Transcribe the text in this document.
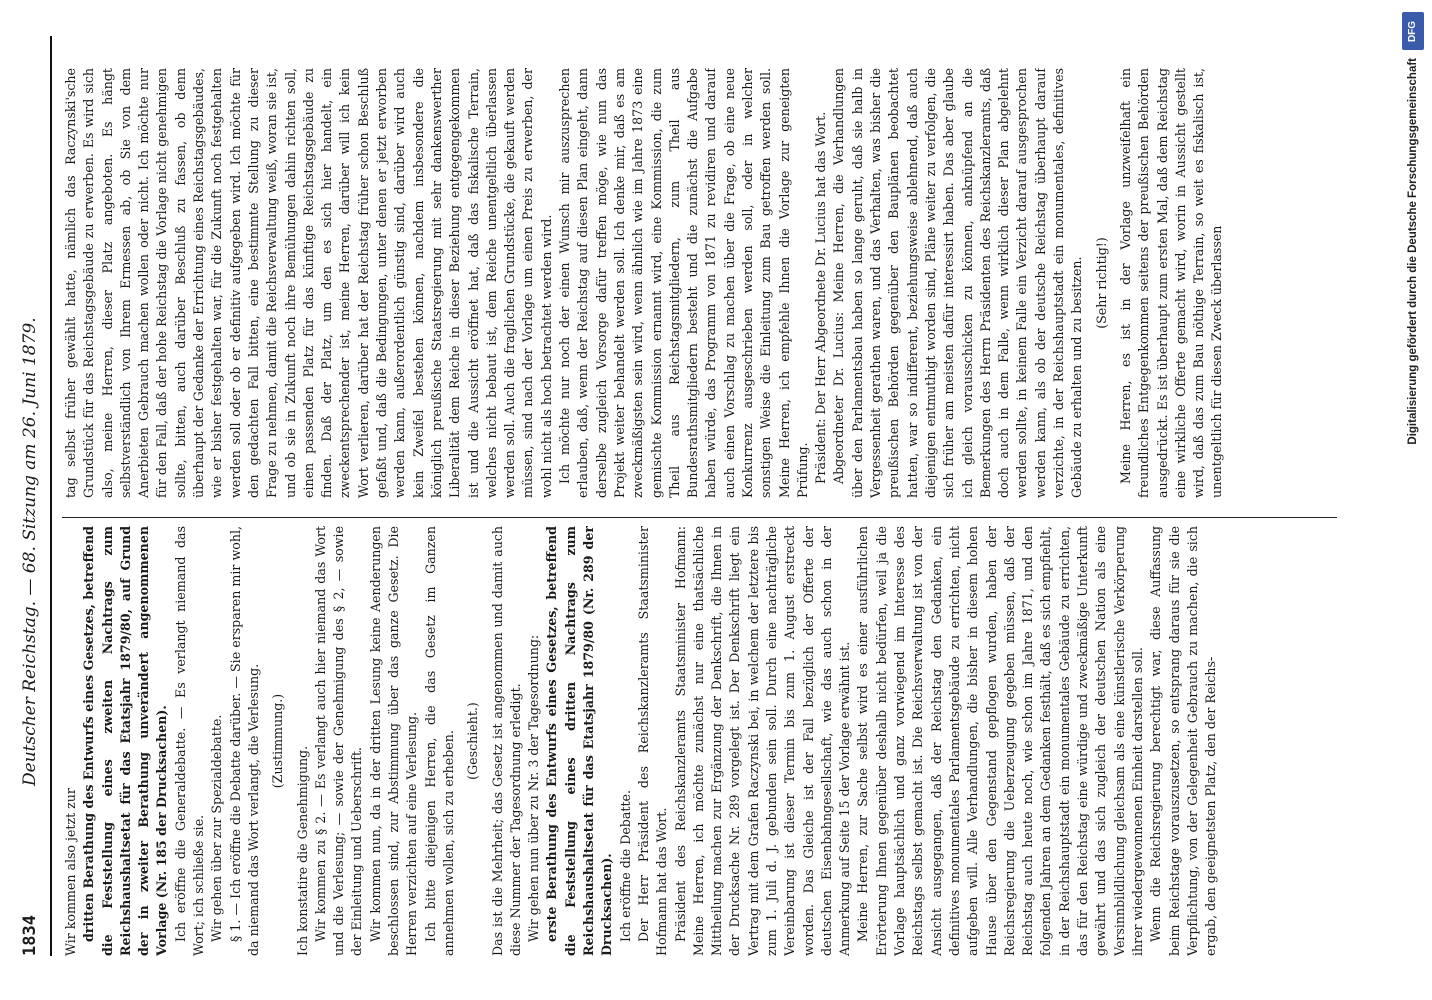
1834
Deutscher Reichstag. — 68. Sitzung am 26. Juni 1879.

Wir kommen also jetzt zur dritten Berathung des Entwurfs eines Gesetzes, betreffend die Feststellung eines zweiten Nachtrags zum Reichshaushaltsetat für das Etatsjahr 1879/80, auf Grund der in zweiter Berathung unverändert angenommenen Vorlage (Nr. 185 der Drucksachen). Ich eröffne die Generaldebatte. — Es verlangt niemand das Wort; ich schließe sie. Wir gehen über zur Spezialdebatte. § 1. — Ich eröffne die Debatte darüber. — Sie ersparen mir wohl, da niemand das Wort verlangt, die Verlesung. (Zustimmung.)

Ich konstatire die Genehmigung. Wir kommen zu § 2. — Es verlangt auch hier niemand das Wort und die Verlesung; — sowie der Genehmigung des § 2, — sowie der Einleitung und Ueberschrift. Wir kommen nun, da in der dritten Lesung keine Aenderungen beschlossen sind, zur Abstimmung über das ganze Gesetz. Die Herren verzichten auf eine Verlesung. Ich bitte diejenigen Herren, die das Gesetz im Ganzen annehmen wollen, sich zu erheben. (Geschieht.) Das ist die Mehrheit; das Gesetz ist angenommen und damit auch diese Nummer der Tagesordnung erledigt. Wir gehen nun über zu Nr. 3 der Tagesordnung: erste Berathung des Entwurfs eines Gesetzes, betreffend die Feststellung eines dritten Nachtrags zum Reichshaushaltsetat für das Etatsjahr 1879/80 (Nr. 289 der Drucksachen). Ich eröffne die Debatte. Der Herr Präsident des Reichskanzleramts Staatsminister Hofmann hat das Wort. Präsident des Reichskanzleramts Staatsminister Hofmann: Meine Herren, ich möchte zunächst nur eine thatsächliche Mittheilung machen zur Ergänzung der Denkschrift, die Ihnen in der Drucksache Nr. 289 vorgelegt ist. Der Denkschrift liegt ein Vertrag mit dem Grafen Raczynski bei, in welchem der letztere bis zum 1. Juli d. J. gebunden sein soll. Durch eine nachträgliche Vereinbarung ist dieser Termin bis zum 1. August erstreckt worden. Das Gleiche ist der Fall bezüglich der Offerte der deutschen Eisenbahngesellschaft, wie das auch schon in der Anmerkung auf Seite 15 der Vorlage erwähnt ist. Meine Herren, zur Sache selbst wird es einer ausführlichen Erörterung Ihnen gegenüber deshalb nicht bedürfen, weil ja die Vorlage hauptsächlich und ganz vorwiegend im Interesse des Reichstags selbst gemacht ist. Die Reichsverwaltung ist von der Ansicht ausgegangen, daß der Reichstag den Gedanken, ein definitives monumentales Parlamentsgebäude zu errichten, nicht aufgeben will. Alle Verhandlungen, die bisher in diesem hohen Hause über den Gegenstand gepflogen wurden, haben der Reichsregierung die Ueberzeugung gegeben müssen, daß der Reichstag auch heute noch, wie schon im Jahre 1871, und den folgenden Jahren an dem Gedanken festhält, daß es sich empfiehlt, in der Reichshauptstadt ein monumentales Gebäude zu errichten, das für den Reichstag eine würdige und zweckmäßige Unterkunft gewährt und das sich zugleich der deutschen Nation als eine Versinnbildlichung gleichsam als eine künstlerische Verkörperung ihrer wiedergewonnenen Einheit darstellen soll. Wenn die Reichsregierung berechtigt war, diese Auffassung beim Reichstage vorauszusetzen, so entsprang daraus für sie die Verpflichtung, von der Gelegenheit Gebrauch zu machen, die sich ergab, den geeignetsten Platz, den der Reichs-

tag selbst früher gewählt hatte, nämlich das Raczynski'sche Grundstück für das Reichstagsgebäude zu erwerben. Es wird sich also, meine Herren, dieser Platz angeboten. Es hängt selbstverständlich von Ihrem Ermessen ab, ob Sie von dem Anerbieten Gebrauch machen wollen oder nicht. Ich möchte nur für den Fall, daß der hohe Reichstag die Vorlage nicht genehmigen sollte, bitten, auch darüber Beschluß zu fassen, ob denn überhaupt der Gedanke der Errichtung eines Reichstagsgebäudes, wie er bisher festgehalten war, für die Zukunft noch festgehalten werden soll oder ob er definitiv aufgegeben wird. Ich möchte für den gedachten Fall bitten, eine bestimmte Stellung zu dieser Frage zu nehmen, damit die Reichsverwaltung weiß, woran sie ist, und ob sie in Zukunft noch ihre Bemühungen dahin richten soll, einen passenden Platz für das künftige Reichstagsgebäude zu finden. Daß der Platz, um den es sich hier handelt, ein zweckentsprechender ist, meine Herren, darüber will ich kein Wort verlieren, darüber hat der Reichstag früher schon Beschluß gefaßt und, daß die Bedingungen, unter denen er jetzt erworben werden kann, außerordentlich günstig sind, darüber wird auch kein Zweifel bestehen können, nachdem insbesondere die königlich preußische Staatsregierung mit sehr dankenswerther Liberalität dem Reiche in dieser Beziehung entgegengekommen ist und die Aussicht eröffnet hat, daß das fiskalische Terrain, welches nicht bebaut ist, dem Reiche unentgeltlich überlassen werden soll. Auch die fraglichen Grundstücke, die gekauft werden müssen, sind nach der Vorlage um einen Preis zu erwerben, der wohl nicht als hoch betrachtet werden wird. Ich möchte nur noch der einen Wunsch mir auszusprechen erlauben, daß, wenn der Reichstag auf diesen Plan eingeht, dann derselbe zugleich Vorsorge dafür treffen möge, wie nun das Projekt weiter behandelt werden soll. Ich denke mir, daß es am zweckmäßigsten sein wird, wenn ähnlich wie im Jahre 1873 eine gemischte Kommission ernannt wird, eine Kommission, die zum Theil aus Reichstagsmitgliedern, zum Theil aus Bundesrathsmitgliedern besteht und die zunächst die Aufgabe haben würde, das Programm von 1871 zu revidiren und darauf auch einen Vorschlag zu machen über die Frage, ob eine neue Konkurrenz ausgeschrieben werden soll, oder in welcher sonstigen Weise die Einleitung zum Bau getroffen werden soll. Meine Herren, ich empfehle Ihnen die Vorlage zur geneigten Prüfung. Präsident: Der Herr Abgeordnete Dr. Lucius hat das Wort. Abgeordneter Dr. Lucius: Meine Herren, die Verhandlungen über den Parlamentsbau haben so lange geruht, daß sie halb in Vergessenheit gerathen waren, und das Verhalten, was bisher die preußischen Behörden gegenüber den Bauplänen beobachtet hatten, war so indifferent, beziehungsweise ablehnend, daß auch diejenigen entmuthigt worden sind, Pläne weiter zu verfolgen, die sich früher am meisten dafür interessirt haben. Das aber glaube ich gleich vorausschicken zu können, anknüpfend an die Bemerkungen des Herrn Präsidenten des Reichskanzleramts, daß doch auch in dem Falle, wenn wirklich dieser Plan abgelehnt werden sollte, in keinem Falle ein Verzicht darauf ausgesprochen werden kann, als ob der deutsche Reichstag überhaupt darauf verzichte, in der Reichshauptstadt ein monumentales, definitives Gebäude zu erhalten und zu besitzen. (Sehr richtig!) Meine Herren, es ist in der Vorlage unzweifelhaft ein freundliches Entgegenkommen seitens der preußischen Behörden ausgedrückt. Es ist überhaupt zum ersten Mal, daß dem Reichstag eine wirkliche Offerte gemacht wird, worin in Aussicht gestellt wird, daß das zum Bau nöthige Terrain, so weit es fiskalisch ist, unentgeltlich für diesen Zweck überlassen

DFG
Digitalisierung gefördert durch die Deutsche Forschungsgemeinschaft
